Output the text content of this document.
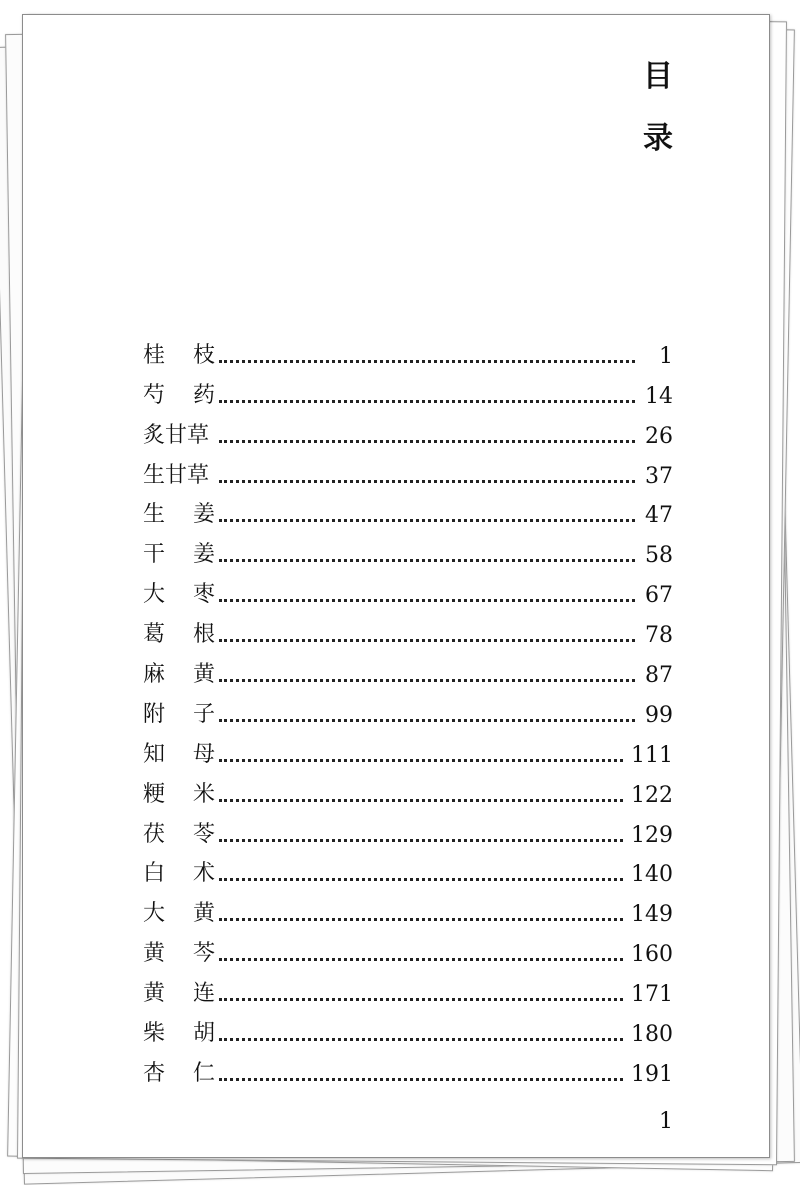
目
录
桂 枝	1
芍 药	14
炙甘草	26
生甘草	37
生 姜	47
干 姜	58
大 枣	67
葛 根	78
麻 黄	87
附 子	99
知 母	111
粳 米	122
茯 苓	129
白 术	140
大 黄	149
黄 芩	160
黄 连	171
柴 胡	180
杏 仁	191
1
